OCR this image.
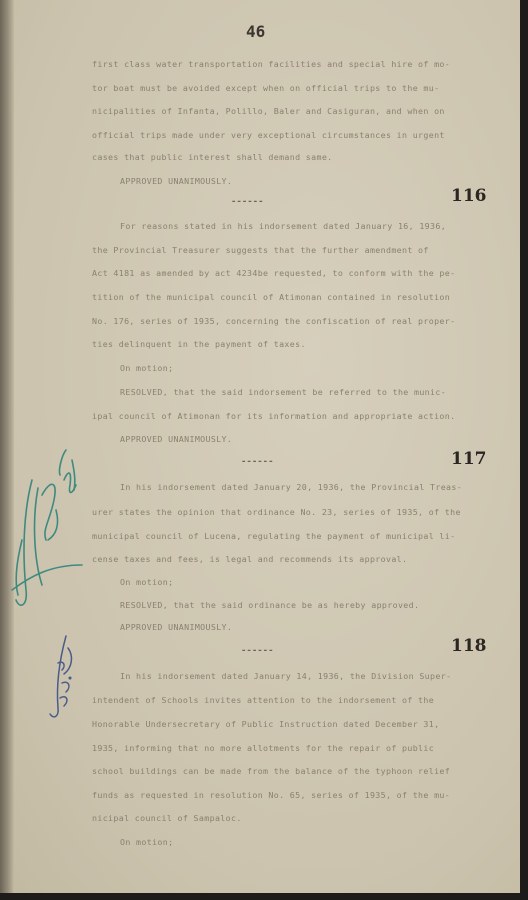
46
first class water transportation facilities and special hire of mo-
tor boat must be avoided except when on official trips to the mu-
nicipalities of Infanta, Polillo, Baler and Casiguran, and when on
official trips made under very exceptional circumstances in urgent
cases that public interest shall demand same.
APPROVED UNANIMOUSLY.
------	116
For reasons stated in his indorsement dated January 16, 1936,
the Provincial Treasurer suggests that the further amendment of
Act 4181 as amended by act 4234be requested, to conform with the pe-
tition of the municipal council of Atimonan contained in resolution
No. 176, series of 1935, concerning the confiscation of real proper-
ties delinquent in the payment of taxes.
On motion;
RESOLVED, that the said indorsement be referred to the munic-
ipal council of Atimonan for its information and appropriate action.
APPROVED UNANIMOUSLY.
------	117
In his indorsement dated January 20, 1936, the Provincial Treas-
urer states the opinion that ordinance No. 23, series of 1935, of the
municipal council of Lucena, regulating the payment of municipal li-
cense taxes and fees, is legal and recommends its approval.
On motion;
RESOLVED, that the said ordinance be as hereby approved.
APPROVED UNANIMOUSLY.
------	118
In his indorsement dated January 14, 1936, the Division Super-
intendent of Schools invites attention to the indorsement of the
Honorable Undersecretary of Public Instruction dated December 31,
1935, informing that no more allotments for the repair of public
school buildings can be made from the balance of the typhoon relief
funds as requested in resolution No. 65, series of 1935, of the mu-
nicipal council of Sampaloc.
On motion;
